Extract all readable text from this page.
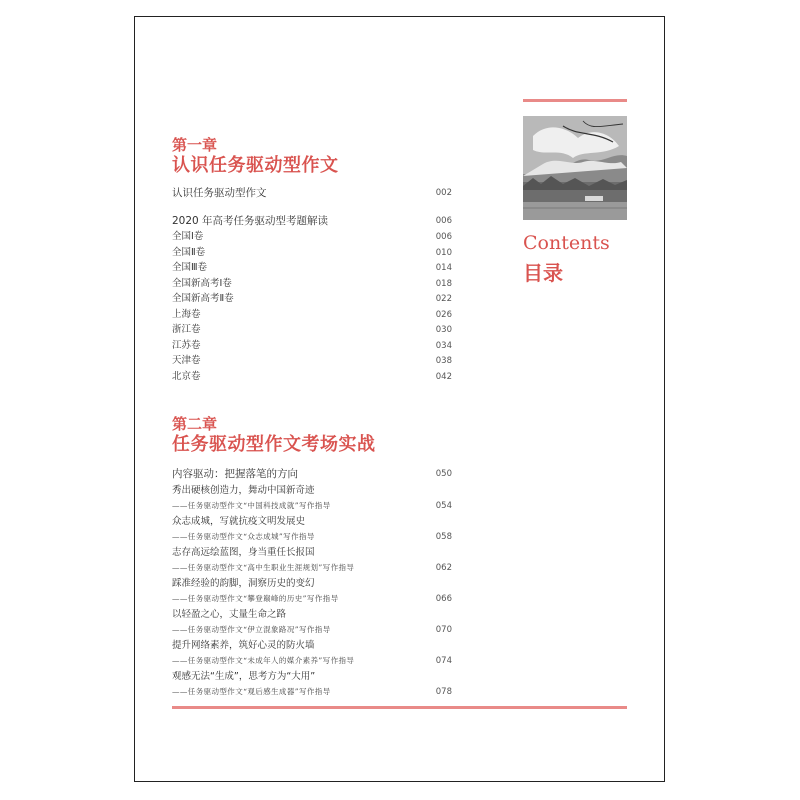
Contents
目录
第一章
认识任务驱动型作文
认识任务驱动型作文	002
2020 年高考任务驱动型考题解读	006
全国Ⅰ卷	006
全国Ⅱ卷	010
全国Ⅲ卷	014
全国新高考Ⅰ卷	018
全国新高考Ⅱ卷	022
上海卷	026
浙江卷	030
江苏卷	034
天津卷	038
北京卷	042
第二章
任务驱动型作文考场实战
内容驱动：把握落笔的方向	050
秀出硬核创造力，舞动中国新奇迹
——任务驱动型作文“中国科技成就”写作指导	054
众志成城，写就抗疫文明发展史
——任务驱动型作文“众志成城”写作指导	058
志存高远绘蓝图，身当重任长报国
——任务驱动型作文“高中生职业生涯规划”写作指导	062
踩准经验的韵脚，洞察历史的变幻
——任务驱动型作文“攀登巅峰的历史”写作指导	066
以轻盈之心，丈量生命之路
——任务驱动型作文“伊立混象路况”写作指导	070
提升网络素养，筑好心灵的防火墙
——任务驱动型作文“未成年人的媒介素养”写作指导	074
观感无法“生成”，思考方为“大用”
——任务驱动型作文“观后感生成器”写作指导	078
